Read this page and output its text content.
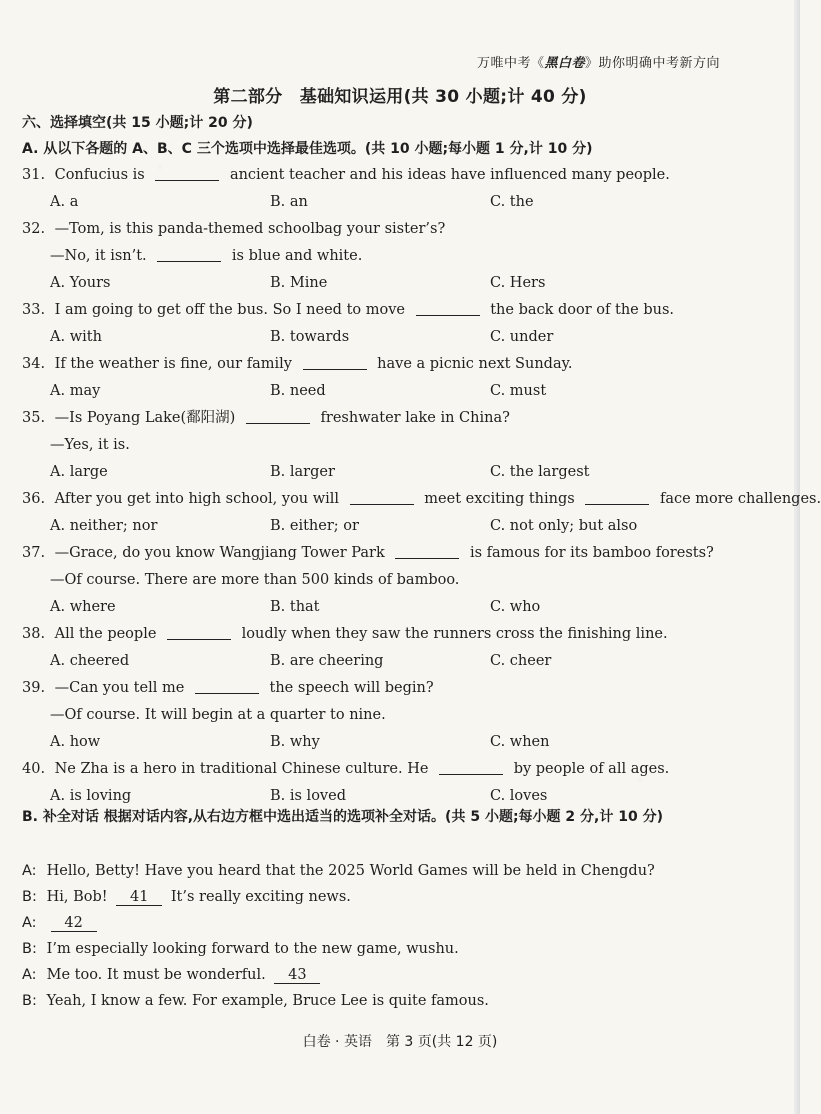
万唯中考《黑白卷》助你明确中考新方向
第二部分　基础知识运用(共 30 小题;计 40 分)
六、选择填空(共 15 小题;计 20 分)
A. 从以下各题的 A、B、C 三个选项中选择最佳选项。(共 10 小题;每小题 1 分,计 10 分)
31. Confucius is	ancient teacher and his ideas have influenced many people.
A. a	B. an	C. the
32. —Tom, is this panda-themed schoolbag your sister’s?
—No, it isn’t.	is blue and white.
A. Yours	B. Mine	C. Hers
33. I am going to get off the bus. So I need to move	the back door of the bus.
A. with	B. towards	C. under
34. If the weather is fine, our family	have a picnic next Sunday.
A. may	B. need	C. must
35. —Is Poyang Lake(鄱阳湖)	freshwater lake in China?
—Yes, it is.
A. large	B. larger	C. the largest
36. After you get into high school, you will	meet exciting things	face more challenges.
A. neither; nor	B. either; or	C. not only; but also
37. —Grace, do you know Wangjiang Tower Park	is famous for its bamboo forests?
—Of course. There are more than 500 kinds of bamboo.
A. where	B. that	C. who
38. All the people	loudly when they saw the runners cross the finishing line.
A. cheered	B. are cheering	C. cheer
39. —Can you tell me	the speech will begin?
—Of course. It will begin at a quarter to nine.
A. how	B. why	C. when
40. Ne Zha is a hero in traditional Chinese culture. He	by people of all ages.
A. is loving	B. is loved	C. loves
B. 补全对话 根据对话内容,从右边方框中选出适当的选项补全对话。(共 5 小题;每小题 2 分,计 10 分)
A: Hello, Betty! Have you heard that the 2025 World Games will be held in Chengdu?
B: Hi, Bob! 41 It’s really exciting news.
A: 42
B: I’m especially looking forward to the new game, wushu.
A: Me too. It must be wonderful. 43
B: Yeah, I know a few. For example, Bruce Lee is quite famous.
白卷 · 英语　第 3 页(共 12 页)
